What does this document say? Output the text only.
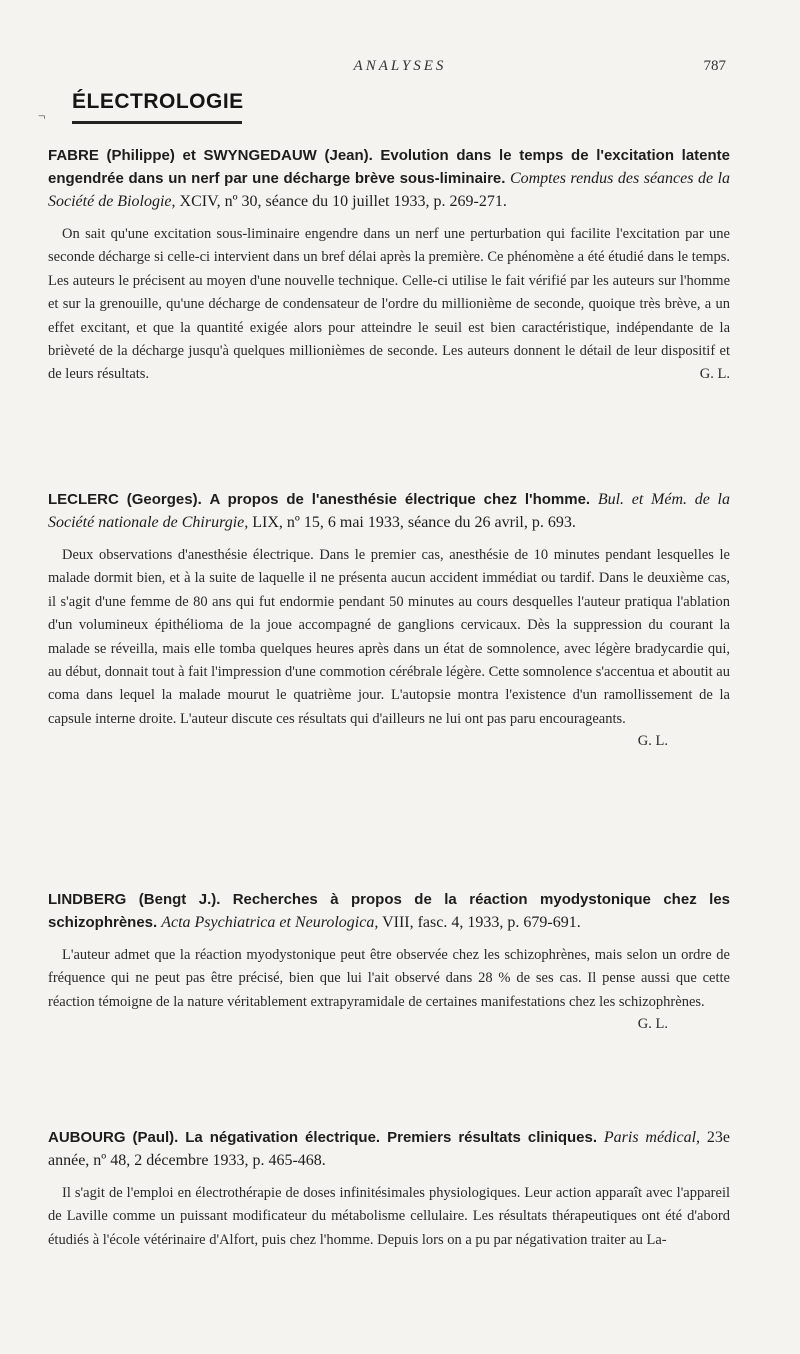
ANALYSES	787
¬
ÉLECTROLOGIE

FABRE (Philippe) et SWYNGEDAUW (Jean). Evolution dans le temps de l'excitation latente engendrée dans un nerf par une décharge brève sous-liminaire. Comptes rendus des séances de la Société de Biologie, XCIV, nº 30, séance du 10 juillet 1933, p. 269-271.

On sait qu'une excitation sous-liminaire engendre dans un nerf une perturbation qui facilite l'excitation par une seconde décharge si celle-ci intervient dans un bref délai après la première. Ce phénomène a été étudié dans le temps. Les auteurs le précisent au moyen d'une nouvelle technique. Celle-ci utilise le fait vérifié par les auteurs sur l'homme et sur la grenouille, qu'une décharge de condensateur de l'ordre du millionième de seconde, quoique très brève, a un effet excitant, et que la quantité exigée alors pour atteindre le seuil est bien caractéristique, indépendante de la brièveté de la décharge jusqu'à quelques millionièmes de seconde. Les auteurs donnent le détail de leur dispositif et de leurs résultats.	G. L.

LECLERC (Georges). A propos de l'anesthésie électrique chez l'homme. Bul. et Mém. de la Société nationale de Chirurgie, LIX, nº 15, 6 mai 1933, séance du 26 avril, p. 693.

Deux observations d'anesthésie électrique. Dans le premier cas, anesthésie de 10 minutes pendant lesquelles le malade dormit bien, et à la suite de laquelle il ne présenta aucun accident immédiat ou tardif. Dans le deuxième cas, il s'agit d'une femme de 80 ans qui fut endormie pendant 50 minutes au cours desquelles l'auteur pratiqua l'ablation d'un volumineux épithélioma de la joue accompagné de ganglions cervicaux. Dès la suppression du courant la malade se réveilla, mais elle tomba quelques heures après dans un état de somnolence, avec légère bradycardie qui, au début, donnait tout à fait l'impression d'une commotion cérébrale légère. Cette somnolence s'accentua et aboutit au coma dans lequel la malade mourut le quatrième jour. L'autopsie montra l'existence d'un ramollissement de la capsule interne droite. L'auteur discute ces résultats qui d'ailleurs ne lui ont pas paru encourageants.

G. L.

LINDBERG (Bengt J.). Recherches à propos de la réaction myodystonique chez les schizophrènes. Acta Psychiatrica et Neurologica, VIII, fasc. 4, 1933, p. 679-691.

L'auteur admet que la réaction myodystonique peut être observée chez les schizophrènes, mais selon un ordre de fréquence qui ne peut pas être précisé, bien que lui l'ait observé dans 28 % de ses cas. Il pense aussi que cette réaction témoigne de la nature véritablement extrapyramidale de certaines manifestations chez les schizophrènes.

G. L.

AUBOURG (Paul). La négativation électrique. Premiers résultats cliniques. Paris médical, 23e année, nº 48, 2 décembre 1933, p. 465-468.

Il s'agit de l'emploi en électrothérapie de doses infinitésimales physiologiques. Leur action apparaît avec l'appareil de Laville comme un puissant modificateur du métabolisme cellulaire. Les résultats thérapeutiques ont été d'abord étudiés à l'école vétérinaire d'Alfort, puis chez l'homme. Depuis lors on a pu par négativation traiter au La-
